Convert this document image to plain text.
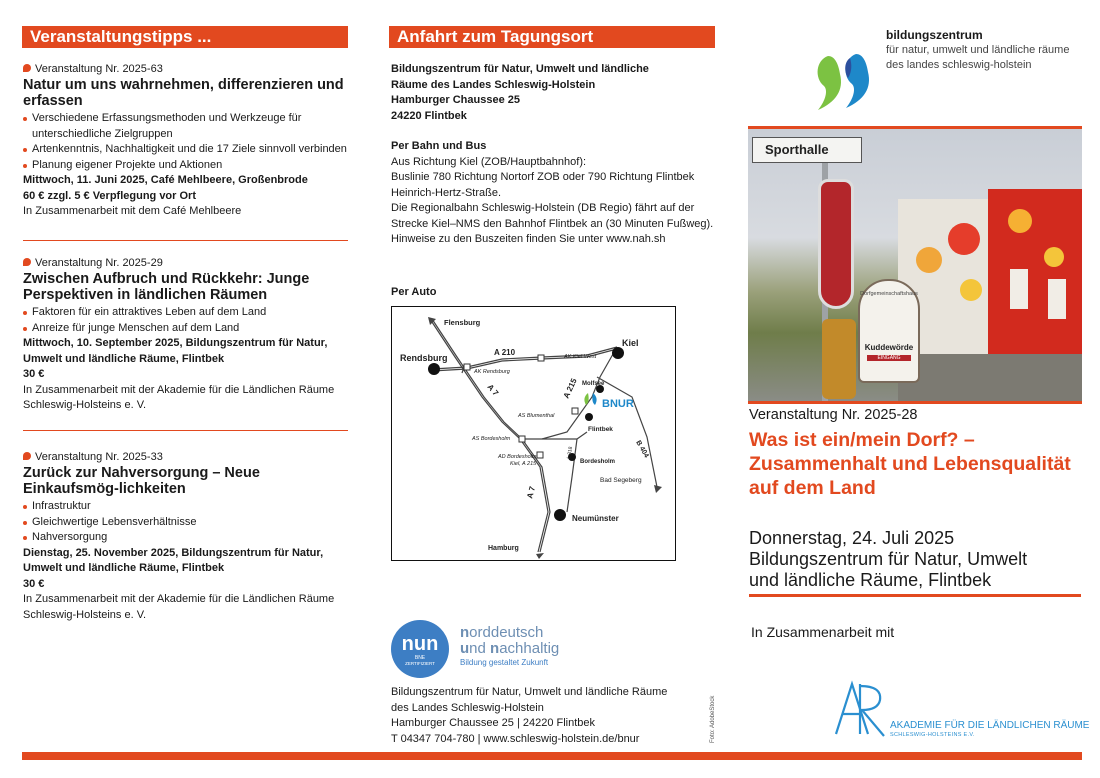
Veranstaltungstipps ...
Veranstaltung Nr. 2025-63
Natur um uns wahrnehmen, differenzieren und erfassen
Verschiedene Erfassungsmethoden und Werkzeuge für unterschiedliche Zielgruppen
Artenkenntnis, Nachhaltigkeit und die 17 Ziele sinnvoll verbinden
Planung eigener Projekte und Aktionen
Mittwoch, 11. Juni 2025, Café Mehlbeere, Großenbrode
60 € zzgl. 5 € Verpflegung vor Ort
In Zusammenarbeit mit dem Café Mehlbeere
Veranstaltung Nr. 2025-29
Zwischen Aufbruch und Rückkehr: Junge Perspektiven in ländlichen Räumen
Faktoren für ein attraktives Leben auf dem Land
Anreize für junge Menschen auf dem Land
Mittwoch, 10. September 2025, Bildungszentrum für Natur, Umwelt und ländliche Räume, Flintbek
30 €
In Zusammenarbeit mit der Akademie für die Ländlichen Räume Schleswig-Holsteins e. V.
Veranstaltung Nr. 2025-33
Zurück zur Nahversorgung – Neue Einkaufsmög-lichkeiten
Infrastruktur
Gleichwertige Lebensverhältnisse
Nahversorgung
Dienstag, 25. November 2025, Bildungszentrum für Natur, Umwelt und ländliche Räume, Flintbek
30 €
In Zusammenarbeit mit der Akademie für die Ländlichen Räume Schleswig-Holsteins e. V.
Anfahrt zum Tagungsort
Bildungszentrum für Natur, Umwelt und ländliche
Räume des Landes Schleswig-Holstein
Hamburger Chaussee 25
24220 Flintbek
Per Bahn und Bus
Aus Richtung Kiel (ZOB/Hauptbahnhof):
Buslinie 780 Richtung Nortorf ZOB oder 790 Richtung Flintbek
Heinrich-Hertz-Straße.
Die Regionalbahn Schleswig-Holstein (DB Regio) fährt auf der
Strecke Kiel–NMS den Bahnhof Flintbek an (30 Minuten Fußweg).
Hinweise zu den Buszeiten finden Sie unter www.nah.sh
Per Auto
Flensburg
Rendsburg
A 210
AK Rendsburg
AK Kiel-West
Kiel
A 7	A 215 Molfsee
BNUR
AS Blumenthal
Flintbek
AS Bordesholm
L 318	B 404
AD Bordesholm
Kiel, A 215	Bordesholm
Bad Segeberg
A 7
Neumünster
Hamburg
nun
BNE
ZERTIFIZIERT
norddeutsch
und nachhaltig
Bildung gestaltet Zukunft
Bildungszentrum für Natur, Umwelt und ländliche Räume
des Landes Schleswig-Holstein
Hamburger Chaussee 25 | 24220 Flintbek
T 04347 704-780 | www.schleswig-holstein.de/bnur	Foto: AdobeStock
bildungszentrum
für natur, umwelt und ländliche räume
des landes schleswig-holstein
Sporthalle
Dorfgemeinschaftshaus
Kuddewörde
EINGANG
Veranstaltung Nr. 2025-28
Was ist ein/mein Dorf? – Zusammenhalt und Lebensqualität auf dem Land
Donnerstag, 24. Juli 2025
Bildungszentrum für Natur, Umwelt
und ländliche Räume, Flintbek
In Zusammenarbeit mit
AKADEMIE FÜR DIE LÄNDLICHEN RÄUME
SCHLESWIG-HOLSTEINS E.V.
